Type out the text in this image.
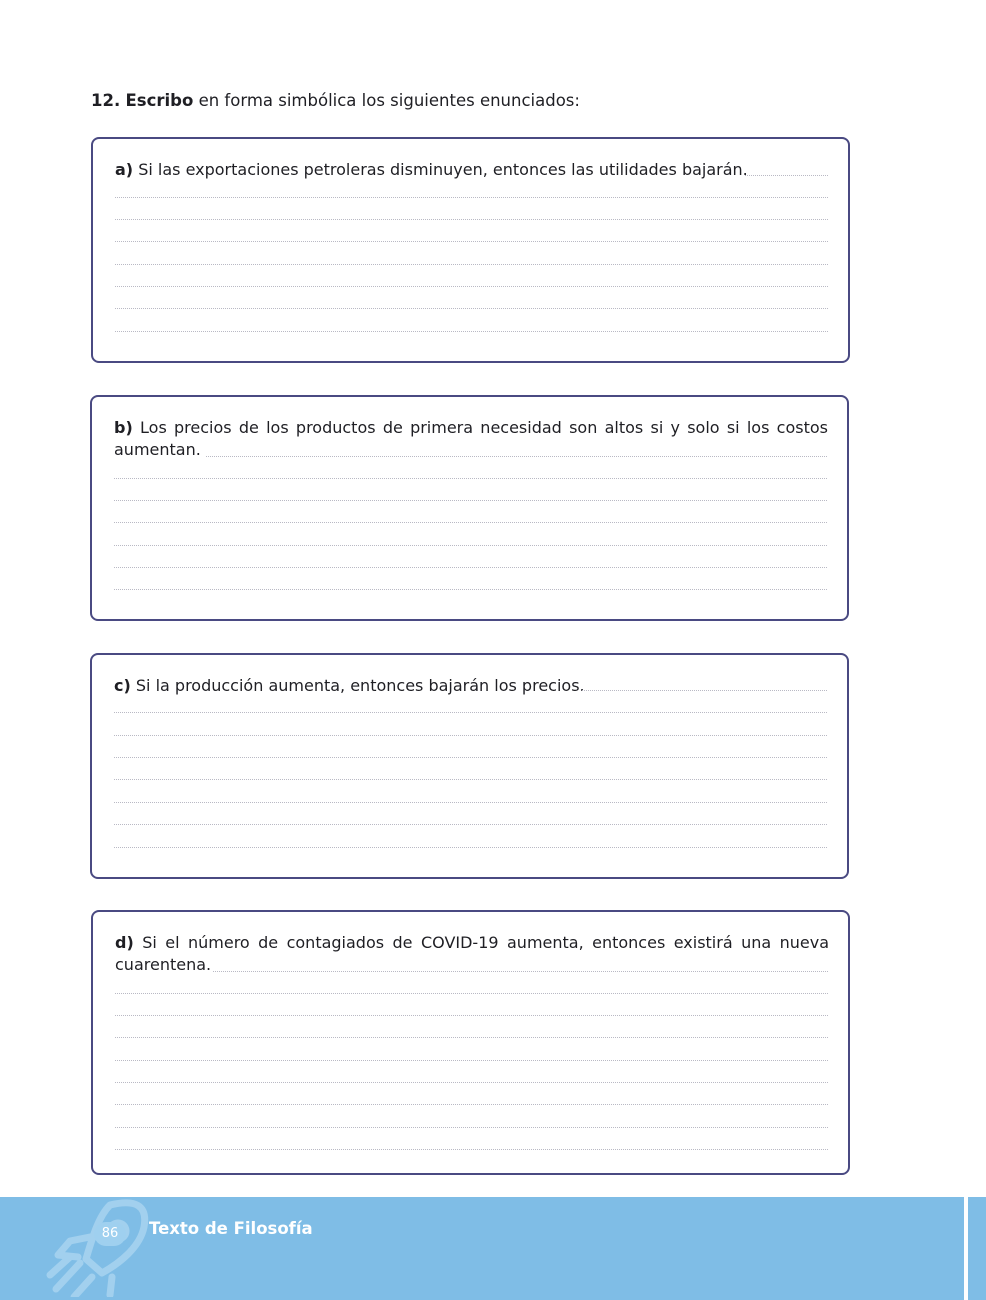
12. Escribo en forma simbólica los siguientes enunciados:
a) Si las exportaciones petroleras disminuyen, entonces las utilidades bajarán.
b) Los precios de los productos de primera necesidad son altos si y solo si los costos aumentan.
c) Si la producción aumenta, entonces bajarán los precios.
d) Si el número de contagiados de COVID-19 aumenta, entonces existirá una nueva cuarentena.
86	Texto de Filosofía
